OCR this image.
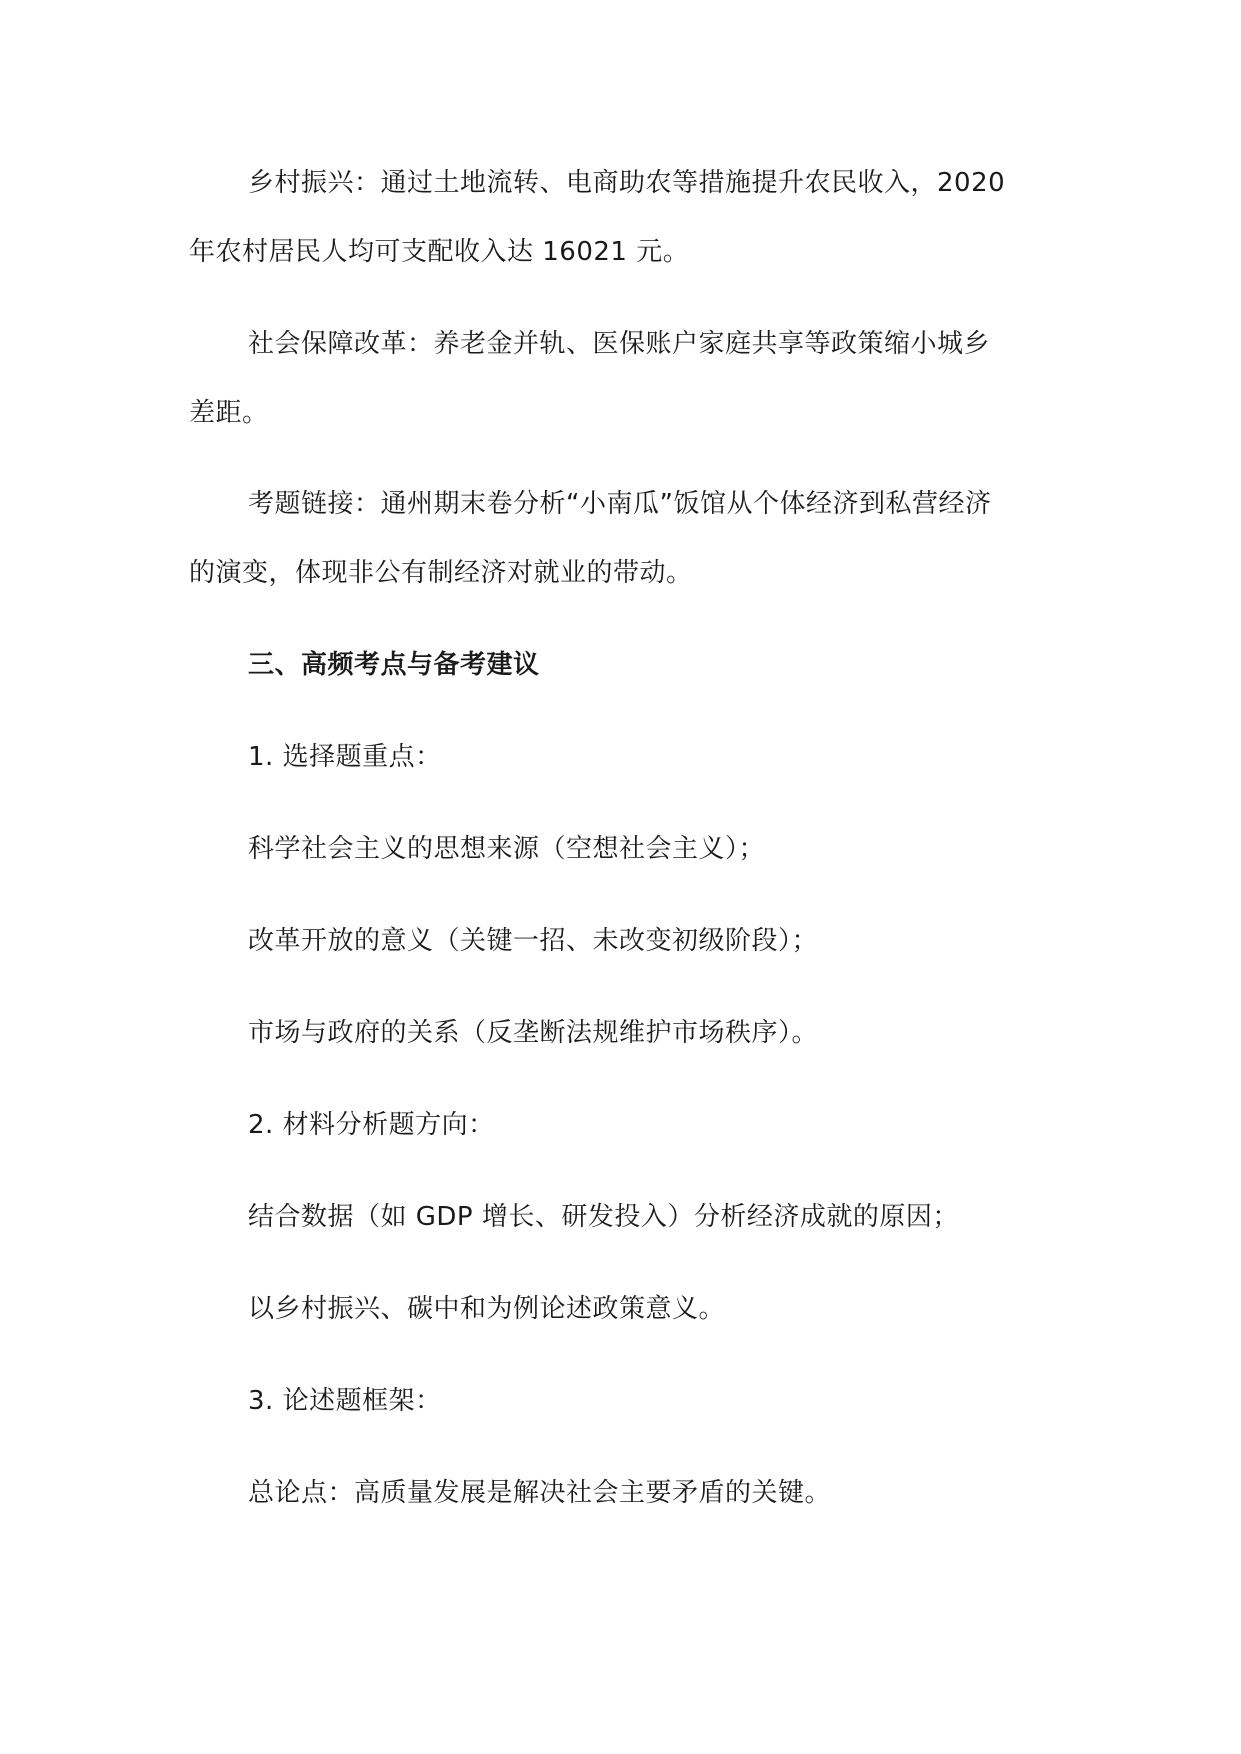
乡村振兴：通过土地流转、电商助农等措施提升农民收入，2020
年农村居民人均可支配收入达 16021 元。
社会保障改革：养老金并轨、医保账户家庭共享等政策缩小城乡
差距。
考题链接：通州期末卷分析“小南瓜”饭馆从个体经济到私营经济
的演变，体现非公有制经济对就业的带动。
三、高频考点与备考建议
1. 选择题重点：
科学社会主义的思想来源（空想社会主义）；
改革开放的意义（关键一招、未改变初级阶段）；
市场与政府的关系（反垄断法规维护市场秩序）。
2. 材料分析题方向：
结合数据（如 GDP 增长、研发投入）分析经济成就的原因；
以乡村振兴、碳中和为例论述政策意义。
3. 论述题框架：
总论点：高质量发展是解决社会主要矛盾的关键。
